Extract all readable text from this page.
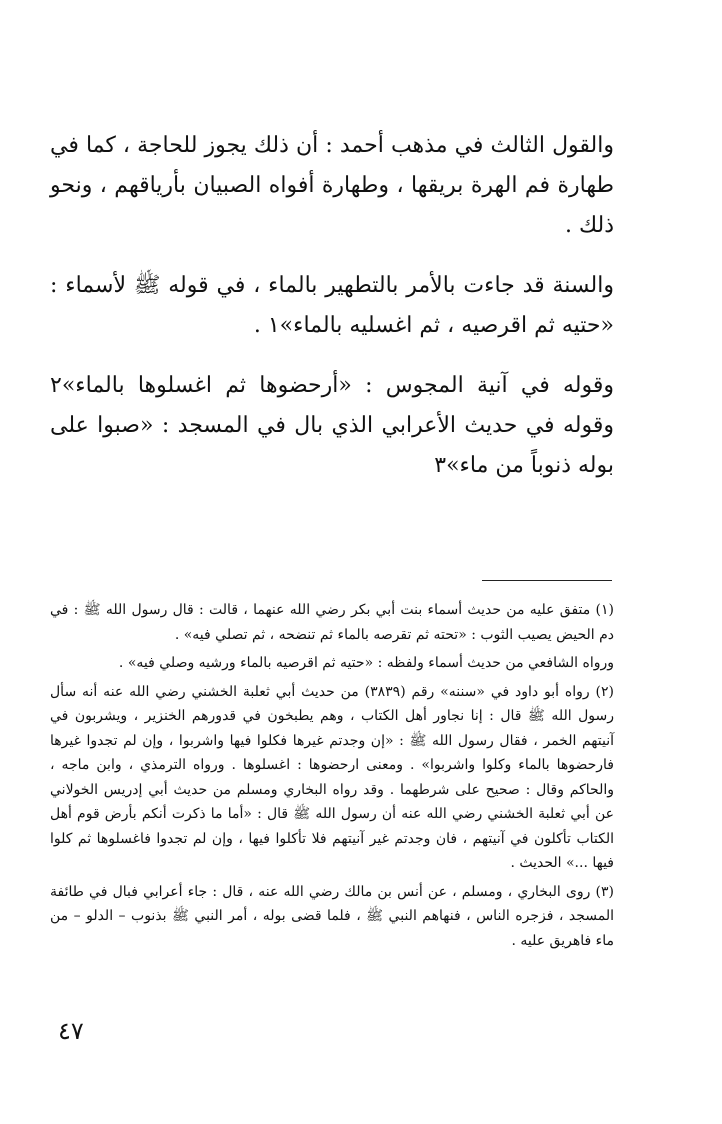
والقول الثالث في مذهب أحمد : أن ذلك يجوز للحاجة ، كما في طهارة فم الهرة بريقها ، وطهارة أفواه الصبيان بأرياقهم ، ونحو ذلك .

والسنة قد جاءت بالأمر بالتطهير بالماء ، في قوله ﷺ لأسماء : «حتيه ثم اقرصيه ، ثم اغسليه بالماء»١ .

وقوله في آنية المجوس : «أرحضوها ثم اغسلوها بالماء»٢ وقوله في حديث الأعرابي الذي بال في المسجد : «صبوا على بوله ذنوباً من ماء»٣

(١) متفق عليه من حديث أسماء بنت أبي بكر رضي الله عنهما ، قالت : قال رسول الله ﷺ : في دم الحيض يصيب الثوب : «تحته ثم تقرصه بالماء ثم تنضحه ، ثم تصلي فيه» .

ورواه الشافعي من حديث أسماء ولفظه : «حتيه ثم اقرصيه بالماء ورشيه وصلي فيه» .

(٢) رواه أبو داود في «سننه» رقم (٣٨٣٩) من حديث أبي ثعلبة الخشني رضي الله عنه أنه سأل رسول الله ﷺ قال : إنا نجاور أهل الكتاب ، وهم يطبخون في قدورهم الخنزير ، ويشربون في آنيتهم الخمر ، فقال رسول الله ﷺ : «إن وجدتم غيرها فكلوا فيها واشربوا ، وإن لم تجدوا غيرها فارحضوها بالماء وكلوا واشربوا» . ومعنى ارحضوها : اغسلوها . ورواه الترمذي ، وابن ماجه ، والحاكم وقال : صحيح على شرطهما . وقد رواه البخاري ومسلم من حديث أبي إدريس الخولاني عن أبي ثعلبة الخشني رضي الله عنه أن رسول الله ﷺ قال : «أما ما ذكرت أنكم بأرض قوم أهل الكتاب تأكلون في آنيتهم ، فان وجدتم غير آنيتهم فلا تأكلوا فيها ، وإن لم تجدوا فاغسلوها ثم كلوا فيها ...» الحديث .

(٣) روى البخاري ، ومسلم ، عن أنس بن مالك رضي الله عنه ، قال : جاء أعرابي فبال في طائفة المسجد ، فزجره الناس ، فنهاهم النبي ﷺ ، فلما قضى بوله ، أمر النبي ﷺ بذنوب – الدلو – من ماء فاهريق عليه .

٤٧
